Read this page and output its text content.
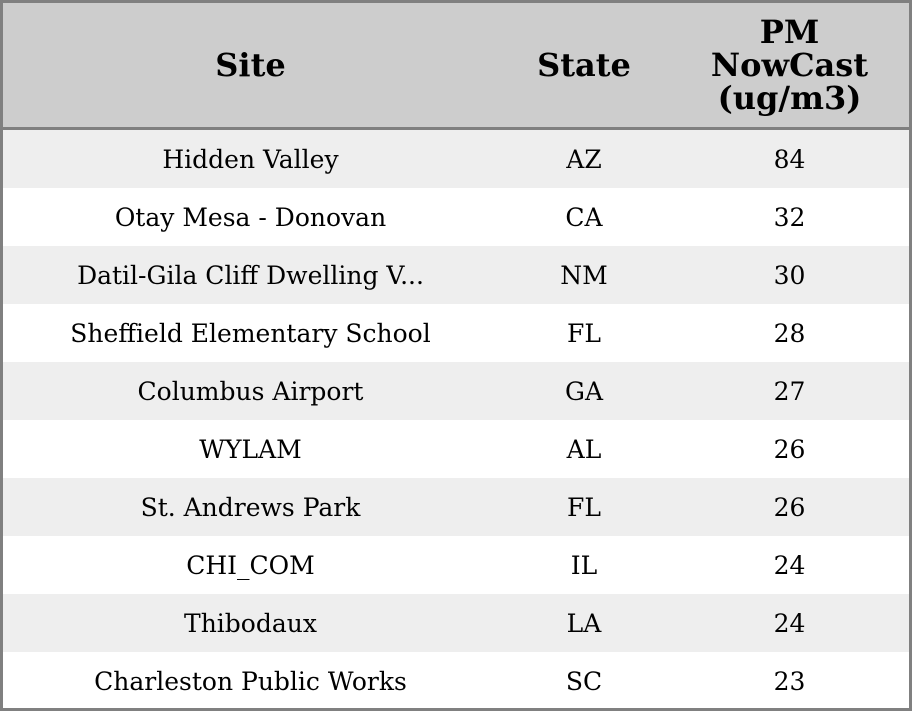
Site	State	PM
NowCast
(ug/m3)
Hidden Valley	AZ	84
Otay Mesa - Donovan	CA	32
Datil-Gila Cliff Dwelling V...	NM	30
Sheffield Elementary School	FL	28
Columbus Airport	GA	27
WYLAM	AL	26
St. Andrews Park	FL	26
CHI_COM	IL	24
Thibodaux	LA	24
Charleston Public Works	SC	23
